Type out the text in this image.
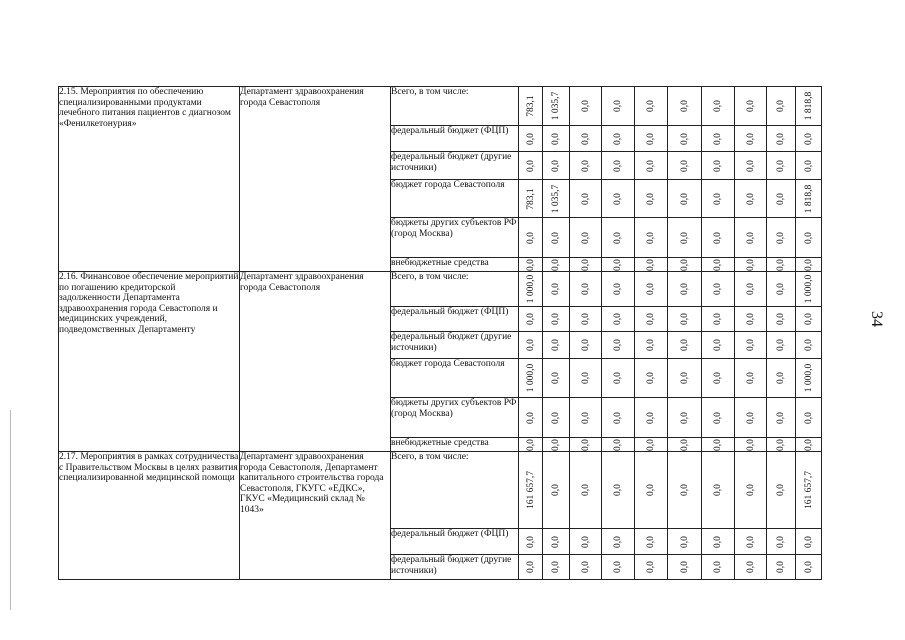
2.15. Мероприятия по обеспечению специализированными продуктами лечебного питания пациентов с диагнозом «Фенилкетонурия»	Департамент здравоохранения города Севастополя	Всего, в том числе:	783,1	1 035,7	0,0	0,0	0,0	0,0	0,0	0,0	0,0	1 818,8

		федеральный бюджет (ФЦП)	0,0	0,0	0,0	0,0	0,0	0,0	0,0	0,0	0,0	0,0

		федеральный бюджет (другие источники)	0,0	0,0	0,0	0,0	0,0	0,0	0,0	0,0	0,0	0,0

		бюджет города Севастополя	783,1	1 035,7	0,0	0,0	0,0	0,0	0,0	0,0	0,0	1 818,8

		бюджеты других субъектов РФ (город Москва)	0,0	0,0	0,0	0,0	0,0	0,0	0,0	0,0	0,0	0,0

		внебюджетные средства	0,0	0,0	0,0	0,0	0,0	0,0	0,0	0,0	0,0	0,0

2.16. Финансовое обеспечение мероприятий по погашению кредиторской задолженности Департамента здравоохранения города Севастополя и медицинских учреждений, подведомственных Департаменту	Департамент здравоохранения города Севастополя	Всего, в том числе:	1 000,0	0,0	0,0	0,0	0,0	0,0	0,0	0,0	0,0	1 000,0

		федеральный бюджет (ФЦП)	0,0	0,0	0,0	0,0	0,0	0,0	0,0	0,0	0,0	0,0

		федеральный бюджет (другие источники)	0,0	0,0	0,0	0,0	0,0	0,0	0,0	0,0	0,0	0,0

		бюджет города Севастополя	1 000,0	0,0	0,0	0,0	0,0	0,0	0,0	0,0	0,0	1 000,0

		бюджеты других субъектов РФ (город Москва)	0,0	0,0	0,0	0,0	0,0	0,0	0,0	0,0	0,0	0,0

		внебюджетные средства	0,0	0,0	0,0	0,0	0,0	0,0	0,0	0,0	0,0	0,0

2.17. Мероприятия в рамках сотрудничества с Правительством Москвы в целях развития специализированной медицинской помощи	Департамент здравоохранения города Севастополя, Департамент капитального строительства города Севастополя, ГКУГС «ЕДКС», ГКУС «Медицинский склад № 1043»	Всего, в том числе:	161 657,7	0,0	0,0	0,0	0,0	0,0	0,0	0,0	0,0	161 657,7

		федеральный бюджет (ФЦП)	0,0	0,0	0,0	0,0	0,0	0,0	0,0	0,0	0,0	0,0

		федеральный бюджет (другие источники)	0,0	0,0	0,0	0,0	0,0	0,0	0,0	0,0	0,0	0,0
34
